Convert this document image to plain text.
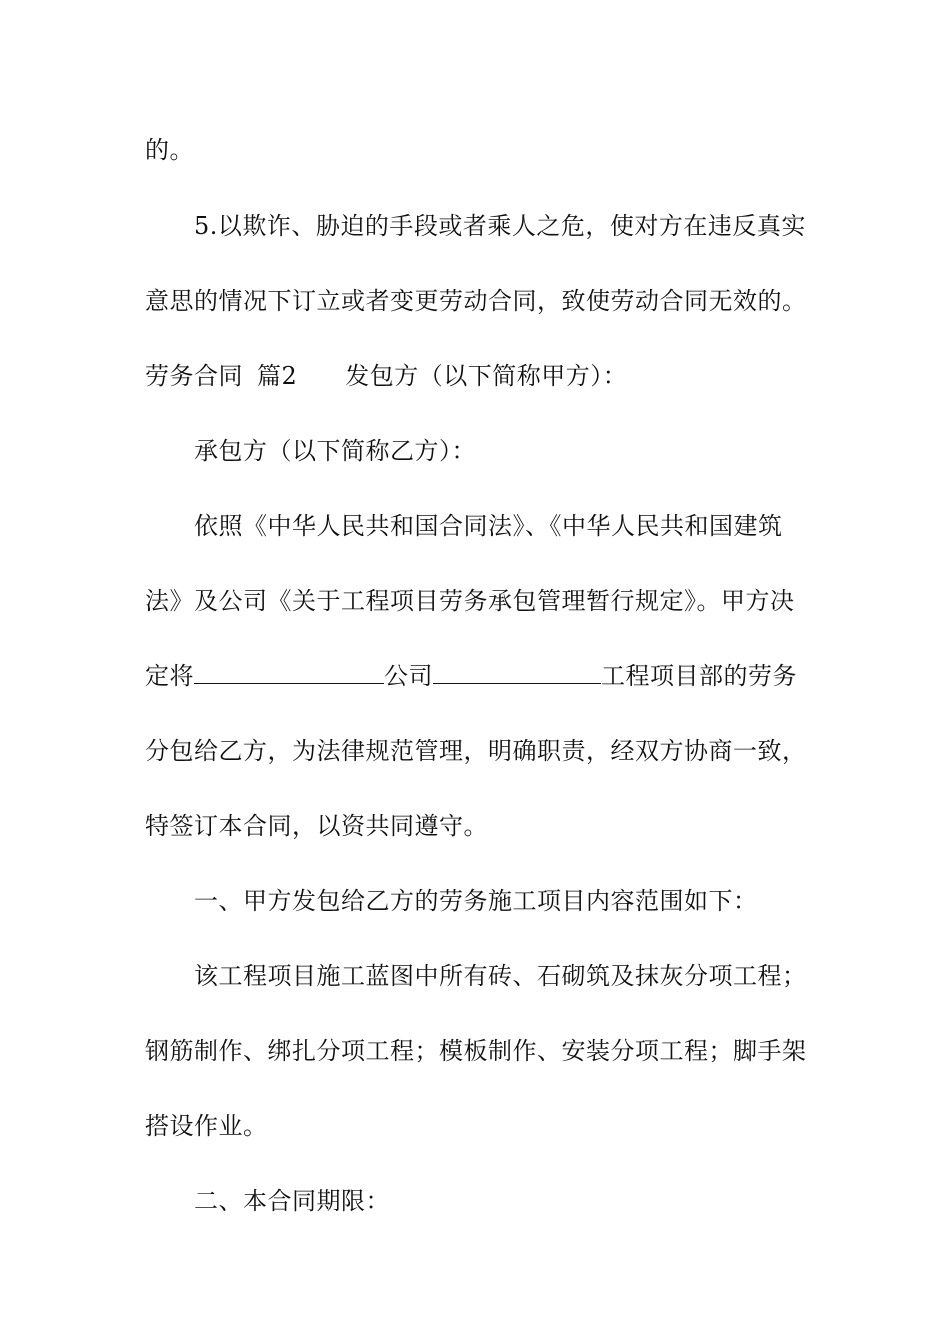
的。
5.以欺诈、胁迫的手段或者乘人之危，使对方在违反真实
意思的情况下订立或者变更劳动合同，致使劳动合同无效的。
劳务合同 篇2 发包方（以下简称甲方）：
承包方（以下简称乙方）：
依照《中华人民共和国合同法》、《中华人民共和国建筑
法》及公司《关于工程项目劳务承包管理暂行规定》。甲方决
定将	公司	工程项目部的劳务
分包给乙方，为法律规范管理，明确职责，经双方协商一致，
特签订本合同，以资共同遵守。
一、甲方发包给乙方的劳务施工项目内容范围如下：
该工程项目施工蓝图中所有砖、石砌筑及抹灰分项工程；
钢筋制作、绑扎分项工程；模板制作、安装分项工程；脚手架
搭设作业。
二、本合同期限：
